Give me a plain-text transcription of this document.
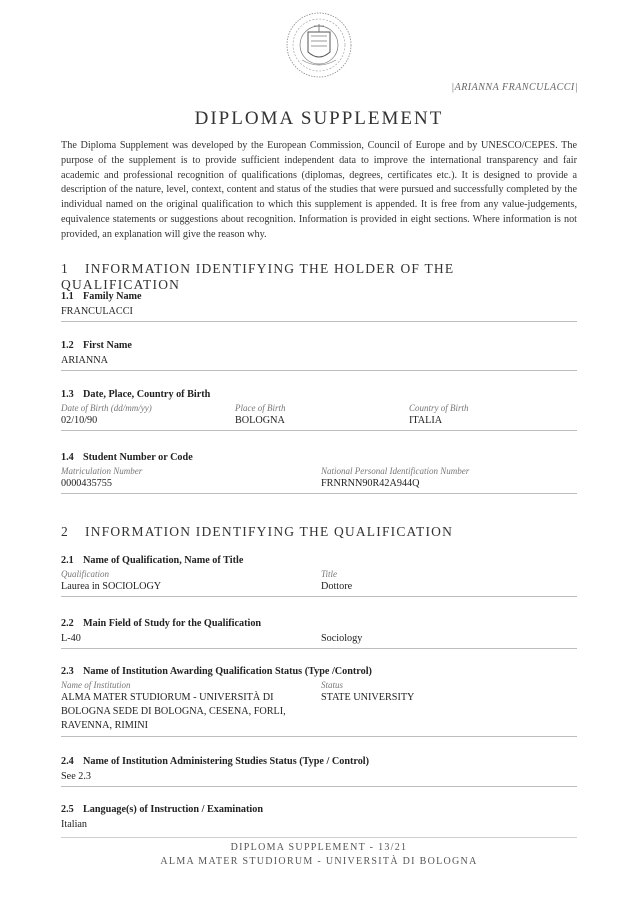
|ARIANNA FRANCULACCI|
DIPLOMA SUPPLEMENT
The Diploma Supplement was developed by the European Commission, Council of Europe and by UNESCO/CEPES. The purpose of the supplement is to provide sufficient independent data to improve the international transparency and fair academic and professional recognition of qualifications (diplomas, degrees, certificates etc.). It is designed to provide a description of the nature, level, context, content and status of the studies that were pursued and successfully completed by the individual named on the original qualification to which this supplement is appended. It is free from any value-judgements, equivalence statements or suggestions about recognition. Information is provided in eight sections. Where information is not provided, an explanation will give the reason why.
1 INFORMATION IDENTIFYING THE HOLDER OF THE QUALIFICATION
1.1 Family Name
FRANCULACCI
1.2 First Name
ARIANNA
1.3 Date, Place, Country of Birth
Date of Birth (dd/mm/yy)
02/10/90
Place of Birth
BOLOGNA
Country of Birth
ITALIA
1.4 Student Number or Code
Matriculation Number
0000435755
National Personal Identification Number
FRNRNN90R42A944Q
2 INFORMATION IDENTIFYING THE QUALIFICATION
2.1 Name of Qualification, Name of Title
Qualification
Laurea in SOCIOLOGY
Title
Dottore
2.2 Main Field of Study for the Qualification
L-40	Sociology
2.3 Name of Institution Awarding Qualification Status (Type /Control)
Name of Institution
ALMA MATER STUDIORUM - UNIVERSITÀ DI BOLOGNA SEDE DI BOLOGNA, CESENA, FORLI, RAVENNA, RIMINI
Status
STATE UNIVERSITY
2.4 Name of Institution Administering Studies Status (Type / Control)
See 2.3
2.5 Language(s) of Instruction / Examination
Italian
DIPLOMA SUPPLEMENT - 13/21
ALMA MATER STUDIORUM - UNIVERSITÀ DI BOLOGNA
